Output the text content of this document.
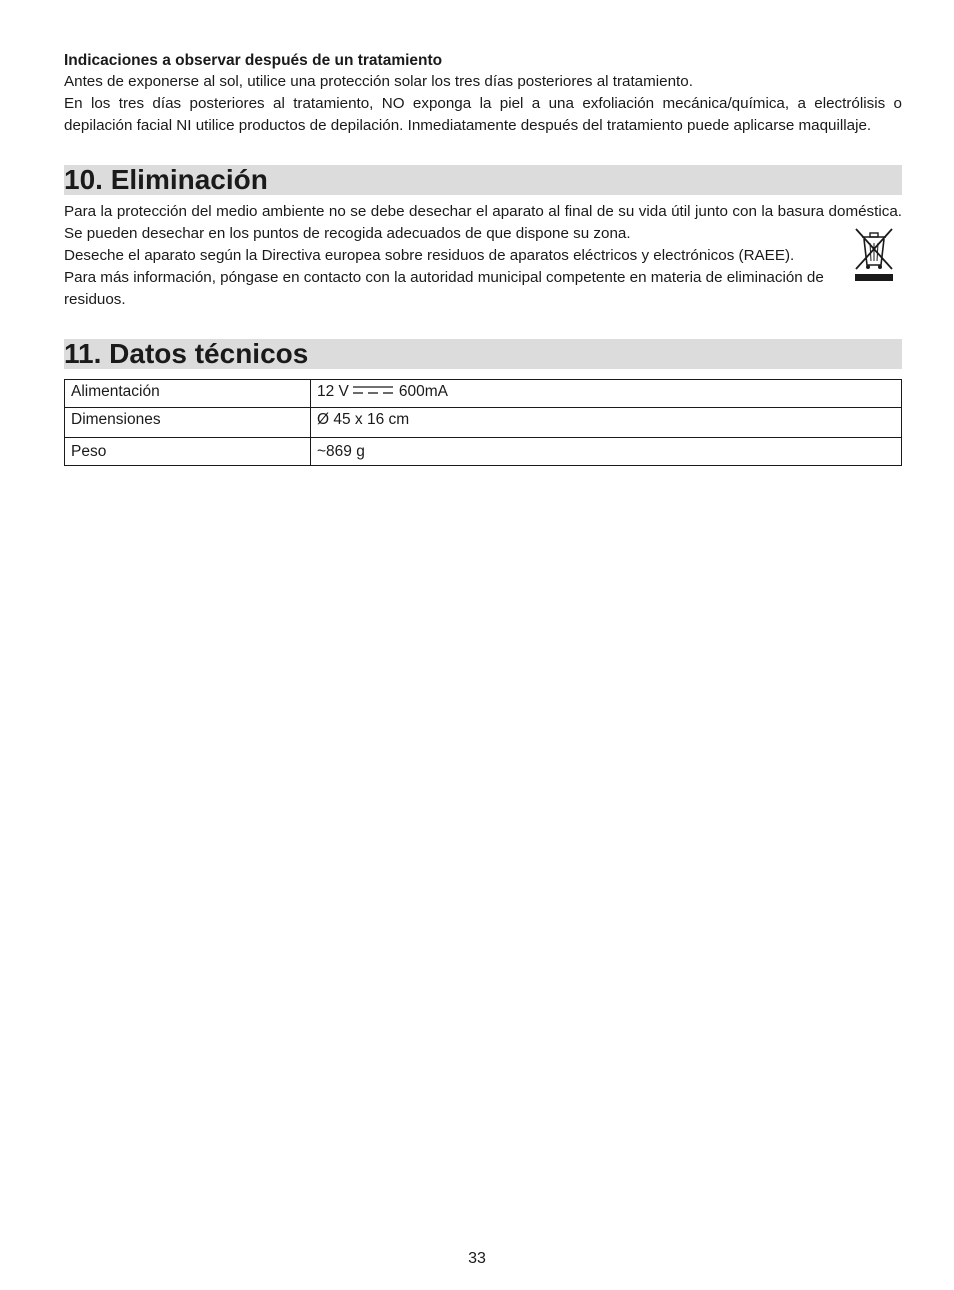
Indicaciones a observar después de un tratamiento

Antes de exponerse al sol, utilice una protección solar los tres días posteriores al tratamiento.

En los tres días posteriores al tratamiento, NO exponga la piel a una exfoliación mecánica/química, a electrólisis o depilación facial NI utilice productos de depilación. Inmediatamente después del tratamiento puede aplicarse maquillaje.

10. Eliminación

Para la protección del medio ambiente no se debe desechar el aparato al final de su vida útil junto con la basura doméstica. Se pueden desechar en los puntos de recogida adecuados de que dispone su zona.

Deseche el aparato según la Directiva europea sobre residuos de aparatos eléctricos y electrónicos (RAEE).

Para más información, póngase en contacto con la autoridad municipal competente en materia de eliminación de residuos.

11. Datos técnicos
Alimentación	12 V 600mA
Dimensiones	Ø 45 x 16 cm
Peso	~869 g
33
